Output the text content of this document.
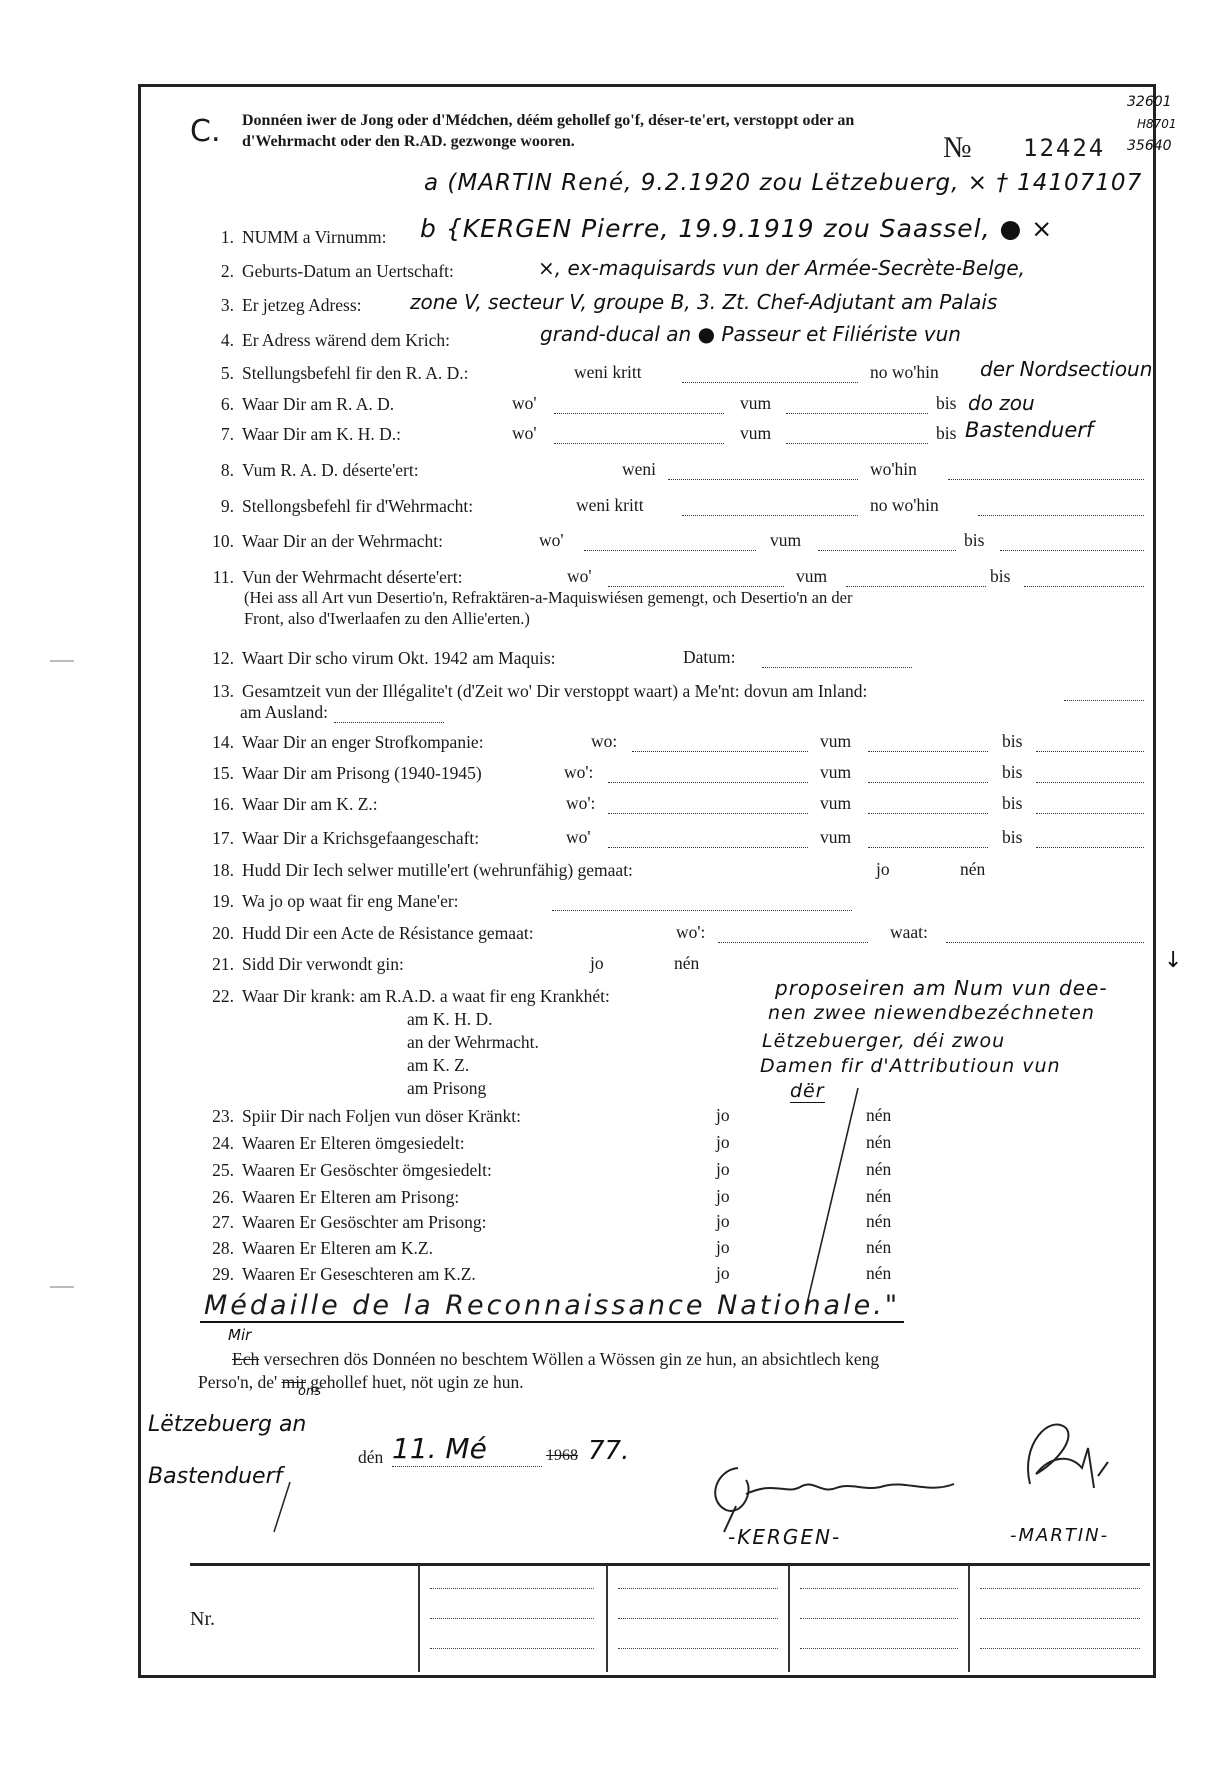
C. Donnéen iwer de Jong oder d'Médchen, déém gehollef go'f, déser-te'ert, verstoppt oder an d'Wehrmacht oder den R.AD. gezwonge wooren.	№ 12424
32601
H8701
35640
a (MARTIN René, 9.2.1920 zou Lëtzebuerg, × † 14107107
b {KERGEN Pierre, 19.9.1919 zou Saassel, ● ×
×, ex-maquisards vun der Armée-Secrète-Belge,
zone V, secteur V, groupe B, 3. Zt. Chef-Adjutant am Palais
grand-ducal an ● Passeur et Filiériste vun
der Nordsectioun
do zou
Bastenduerf
1. NUMM a Virnumm:
2. Geburts-Datum an Uertschaft:
3. Er jetzeg Adress:
4. Er Adress wärend dem Krich:
5. Stellungsbefehl fir den R. A. D.:	weni kritt	no wo'hin
6. Waar Dir am R. A. D.	wo'	vum	bis
7. Waar Dir am K. H. D.:	wo'	vum	bis
8. Vum R. A. D. déserte'ert:	weni	wo'hin
9. Stellongsbefehl fir d'Wehrmacht:	weni kritt	no wo'hin
10. Waar Dir an der Wehrmacht:	wo'	vum	bis
11. Vun der Wehrmacht déserte'ert:	wo'	vum	bis
(Hei ass all Art vun Desertio'n, Refraktären-a-Maquiswiésen gemengt, och Desertio'n an der
Front, also d'Iwerlaafen zu den Allie'erten.)
12. Waart Dir scho virum Okt. 1942 am Maquis:	Datum:
13. Gesamtzeit vun der Illégalite't (d'Zeit wo' Dir verstoppt waart) a Me'nt: dovun am Inland:
am Ausland:
14. Waar Dir an enger Strofkompanie:	wo:	vum	bis
15. Waar Dir am Prisong (1940-1945)	wo':	vum	bis
16. Waar Dir am K. Z.:	wo':	vum	bis
17. Waar Dir a Krichsgefaangeschaft:	wo'	vum	bis
18. Hudd Dir Iech selwer mutille'ert (wehrunfähig) gemaat:	jo	nén
19. Wa jo op waat fir eng Mane'er:
20. Hudd Dir een Acte de Résistance gemaat:	wo':	waat:
21. Sidd Dir verwondt gin:	jo	nén	↓
22. Waar Dir krank: am R.A.D. a waat fir eng Krankhét:
am K. H. D.
an der Wehrmacht.
am K. Z.
am Prisong
proposeiren am Num vun dee-
nen zwee niewendbezéchneten
Lëtzebuerger, déi zwou
Damen fir d'Attributioun vun
dër
23. Spiir Dir nach Foljen vun döser Kränkt:	jo	nén
24. Waaren Er Elteren ömgesiedelt:	jo	nén
25. Waaren Er Gesöschter ömgesiedelt:	jo	nén
26. Waaren Er Elteren am Prisong:	jo	nén
27. Waaren Er Gesöschter am Prisong:	jo	nén
28. Waaren Er Elteren am K.Z.	jo	nén
29. Waaren Er Geseschteren am K.Z.	jo	nén
Médaille de la Reconnaissance Nationale."
Mir
Ech versechren dös Donnéen no beschtem Wöllen a Wössen gin ze hun, an absichtlech keng
Perso'n, de' mir gehollef huet, nöt ugin ze hun.
ons
Lëtzebuerg an
Bastenduerf
dén 11. Mé	1968 77.
-KERGEN-	-MARTIN-
Nr.
